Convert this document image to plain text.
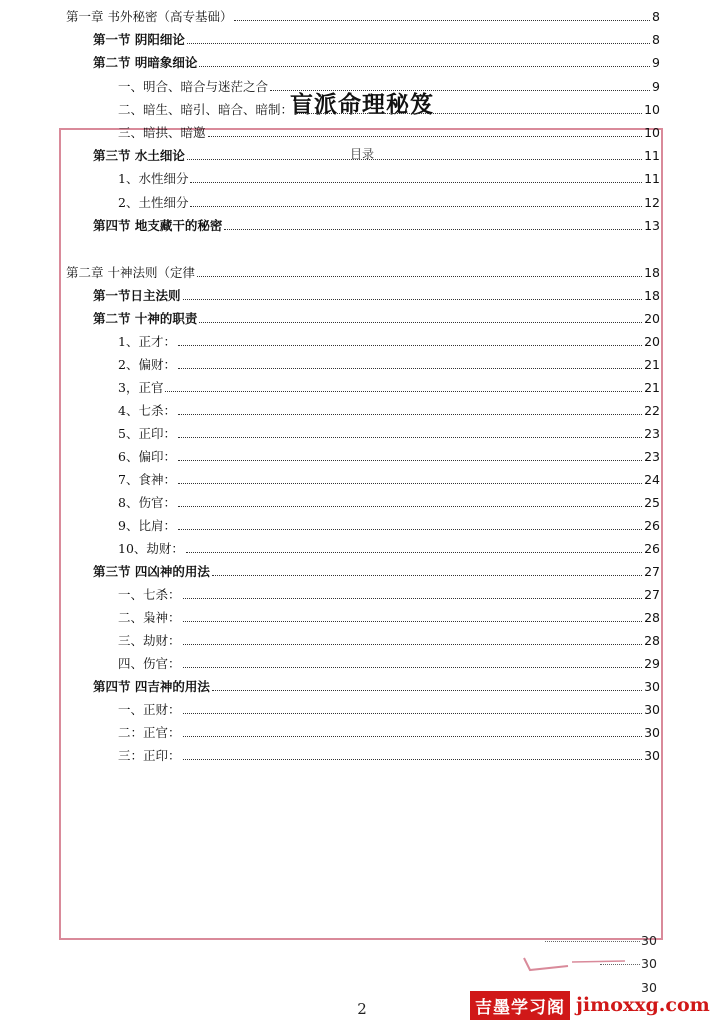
盲派命理秘笈
目录
第一章 书外秘密（高专基础）	8
第一节 阴阳细论	8
第二节 明暗象细论	9
一、明合、暗合与迷茫之合	9
二、暗生、暗引、暗合、暗制：	10
三、暗拱、暗邀	10
第三节 水土细论	11
1、水性细分	11
2、土性细分	12
第四节 地支藏干的秘密	13
第二章 十神法则（定律	18
第一节日主法则	18
第二节 十神的职责	20
1、正才：	20
2、偏财：	21
3，正官	21
4、七杀：	22
5、正印：	23
6、偏印：	23
7、食神：	24
8、伤官：	25
9、比肩：	26
10、劫财：	26
第三节 四凶神的用法	27
一、七杀：	27
二、枭神：	28
三、劫财：	28
四、伤官：	29
第四节 四吉神的用法	30
一、正财：	30
二：正官：	30
三：正印：	30
30
30
30
2	吉墨学习阁 jimoxxg.com
